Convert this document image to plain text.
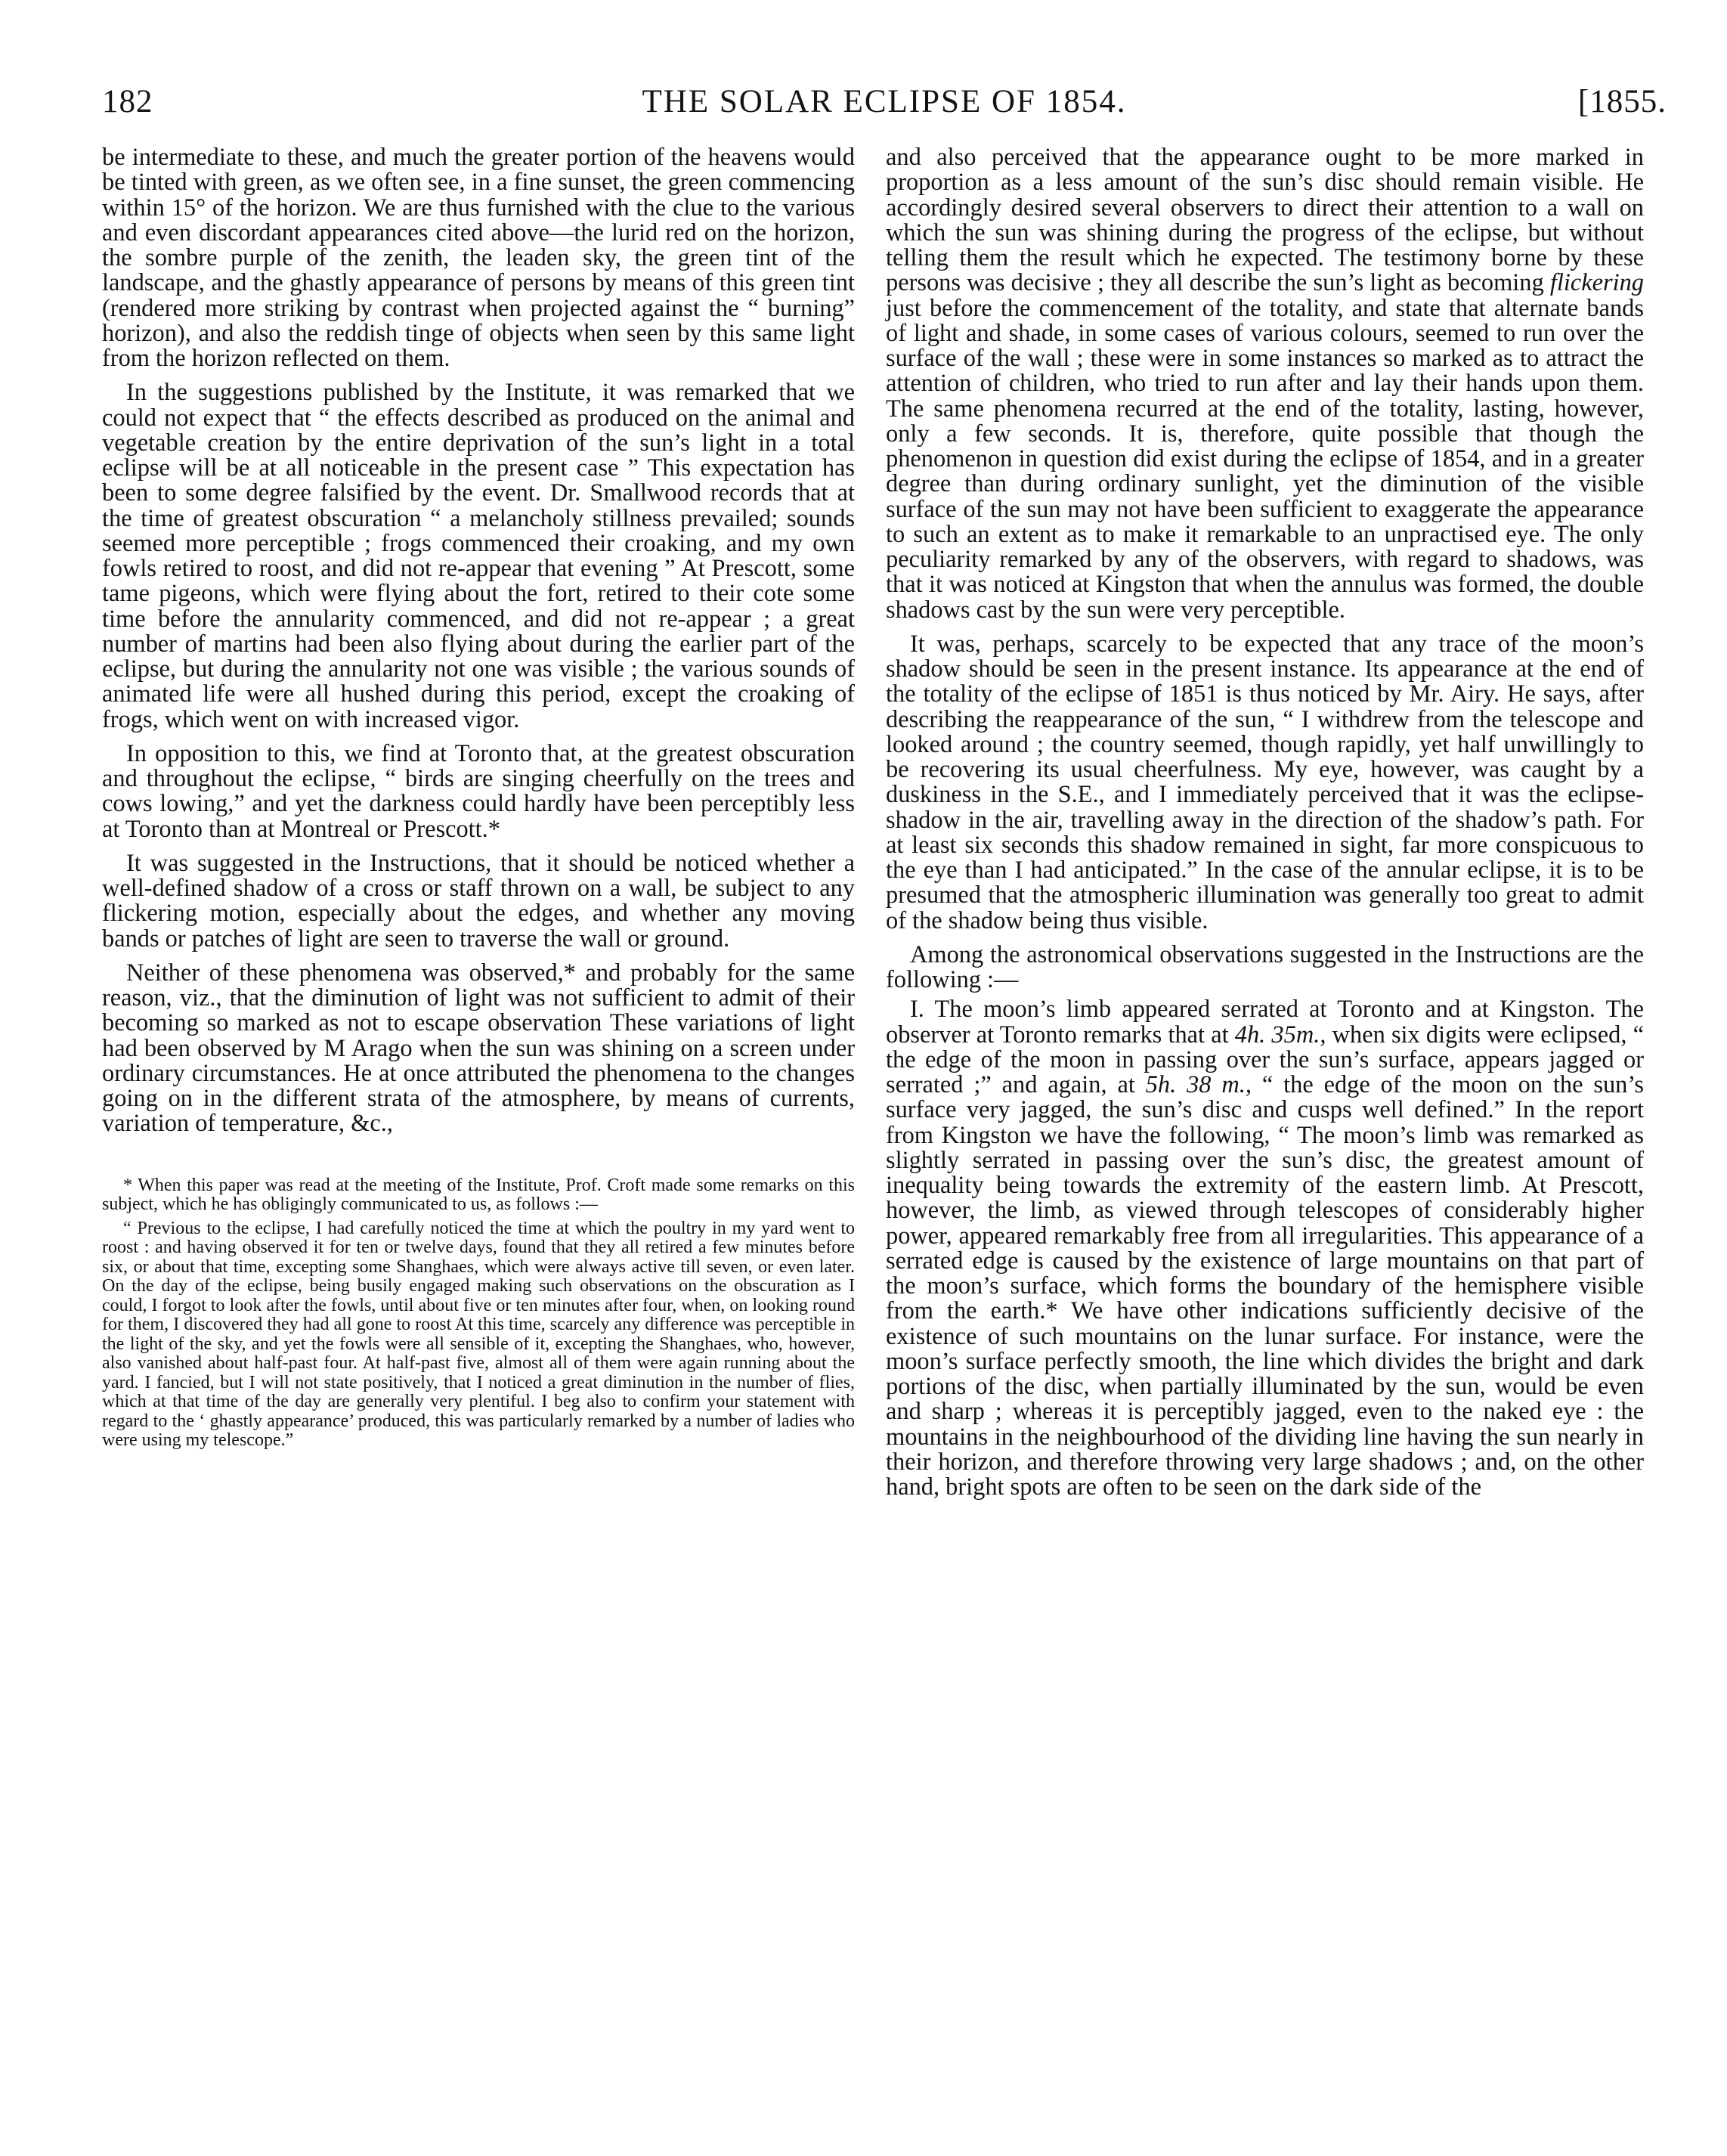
182	THE SOLAR ECLIPSE OF 1854.	[1855.

be intermediate to these, and much the greater portion of the heavens would be tinted with green, as we often see, in a fine sunset, the green commencing within 15° of the horizon. We are thus furnished with the clue to the various and even discordant appearances cited above—the lurid red on the horizon, the sombre purple of the zenith, the leaden sky, the green tint of the landscape, and the ghastly appearance of persons by means of this green tint (rendered more striking by contrast when projected against the “ burning” horizon), and also the reddish tinge of objects when seen by this same light from the horizon reflected on them.

In the suggestions published by the Institute, it was remarked that we could not expect that “ the effects described as produced on the animal and vegetable creation by the entire deprivation of the sun’s light in a total eclipse will be at all noticeable in the present case ” This expectation has been to some degree falsified by the event. Dr. Smallwood records that at the time of greatest obscuration “ a melancholy stillness prevailed; sounds seemed more perceptible ; frogs commenced their croaking, and my own fowls retired to roost, and did not re-appear that evening ” At Prescott, some tame pigeons, which were flying about the fort, retired to their cote some time before the annularity commenced, and did not re-appear ; a great number of martins had been also flying about during the earlier part of the eclipse, but during the annularity not one was visible ; the various sounds of animated life were all hushed during this period, except the croaking of frogs, which went on with increased vigor.

In opposition to this, we find at Toronto that, at the greatest obscuration and throughout the eclipse, “ birds are singing cheerfully on the trees and cows lowing,” and yet the darkness could hardly have been perceptibly less at Toronto than at Montreal or Prescott.*

It was suggested in the Instructions, that it should be noticed whether a well-defined shadow of a cross or staff thrown on a wall, be subject to any flickering motion, especially about the edges, and whether any moving bands or patches of light are seen to traverse the wall or ground.

Neither of these phenomena was observed,* and probably for the same reason, viz., that the diminution of light was not sufficient to admit of their becoming so marked as not to escape observation These variations of light had been observed by M Arago when the sun was shining on a screen under ordinary circumstances. He at once attributed the phenomena to the changes going on in the different strata of the atmosphere, by means of currents, variation of temperature, &c.,

* When this paper was read at the meeting of the Institute, Prof. Croft made some remarks on this subject, which he has obligingly communicated to us, as follows :—

“ Previous to the eclipse, I had carefully noticed the time at which the poultry in my yard went to roost : and having observed it for ten or twelve days, found that they all retired a few minutes before six, or about that time, excepting some Shanghaes, which were always active till seven, or even later. On the day of the eclipse, being busily engaged making such observations on the obscuration as I could, I forgot to look after the fowls, until about five or ten minutes after four, when, on looking round for them, I discovered they had all gone to roost At this time, scarcely any difference was perceptible in the light of the sky, and yet the fowls were all sensible of it, excepting the Shanghaes, who, however, also vanished about half-past four. At half-past five, almost all of them were again running about the yard. I fancied, but I will not state positively, that I noticed a great diminution in the number of flies, which at that time of the day are generally very plentiful. I beg also to confirm your statement with regard to the ‘ ghastly appearance’ produced, this was particularly remarked by a number of ladies who were using my telescope.”

and also perceived that the appearance ought to be more marked in proportion as a less amount of the sun’s disc should remain visible. He accordingly desired several observers to direct their attention to a wall on which the sun was shining during the progress of the eclipse, but without telling them the result which he expected. The testimony borne by these persons was decisive ; they all describe the sun’s light as becoming flickering just before the commencement of the totality, and state that alternate bands of light and shade, in some cases of various colours, seemed to run over the surface of the wall ; these were in some instances so marked as to attract the attention of children, who tried to run after and lay their hands upon them. The same phenomena recurred at the end of the totality, lasting, however, only a few seconds. It is, therefore, quite possible that though the phenomenon in question did exist during the eclipse of 1854, and in a greater degree than during ordinary sunlight, yet the diminution of the visible surface of the sun may not have been sufficient to exaggerate the appearance to such an extent as to make it remarkable to an unpractised eye. The only peculiarity remarked by any of the observers, with regard to shadows, was that it was noticed at Kingston that when the annulus was formed, the double shadows cast by the sun were very perceptible.

It was, perhaps, scarcely to be expected that any trace of the moon’s shadow should be seen in the present instance. Its appearance at the end of the totality of the eclipse of 1851 is thus noticed by Mr. Airy. He says, after describing the reappearance of the sun, “ I withdrew from the telescope and looked around ; the country seemed, though rapidly, yet half unwillingly to be recovering its usual cheerfulness. My eye, however, was caught by a duskiness in the S.E., and I immediately perceived that it was the eclipse-shadow in the air, travelling away in the direction of the shadow’s path. For at least six seconds this shadow remained in sight, far more conspicuous to the eye than I had anticipated.” In the case of the annular eclipse, it is to be presumed that the atmospheric illumination was generally too great to admit of the shadow being thus visible.

Among the astronomical observations suggested in the Instructions are the following :—

I. The moon’s limb appeared serrated at Toronto and at Kingston. The observer at Toronto remarks that at 4h. 35m., when six digits were eclipsed, “ the edge of the moon in passing over the sun’s surface, appears jagged or serrated ;” and again, at 5h. 38 m., “ the edge of the moon on the sun’s surface very jagged, the sun’s disc and cusps well defined.” In the report from Kingston we have the following, “ The moon’s limb was remarked as slightly serrated in passing over the sun’s disc, the greatest amount of inequality being towards the extremity of the eastern limb. At Prescott, however, the limb, as viewed through telescopes of considerably higher power, appeared remarkably free from all irregularities. This appearance of a serrated edge is caused by the existence of large mountains on that part of the moon’s surface, which forms the boundary of the hemisphere visible from the earth.* We have other indications sufficiently decisive of the existence of such mountains on the lunar surface. For instance, were the moon’s surface perfectly smooth, the line which divides the bright and dark portions of the disc, when partially illuminated by the sun, would be even and sharp ; whereas it is perceptibly jagged, even to the naked eye : the mountains in the neighbourhood of the dividing line having the sun nearly in their horizon, and therefore throwing very large shadows ; and, on the other hand, bright spots are often to be seen on the dark side of the
